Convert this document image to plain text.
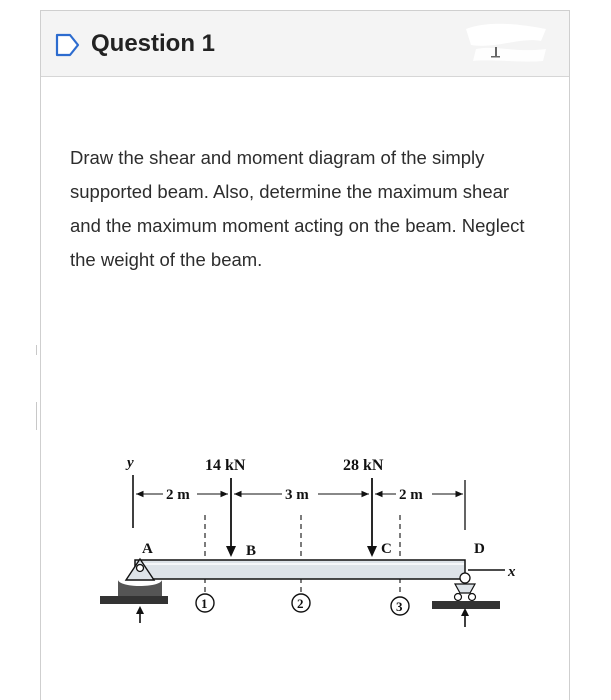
Question 1
Draw the shear and moment diagram of the simply supported beam. Also, determine the maximum shear and the maximum moment acting on the beam. Neglect the weight of the beam.
y	14 kN	28 kN
2 m	3 m	2 m
A	B	C	D
x
1	2	3
